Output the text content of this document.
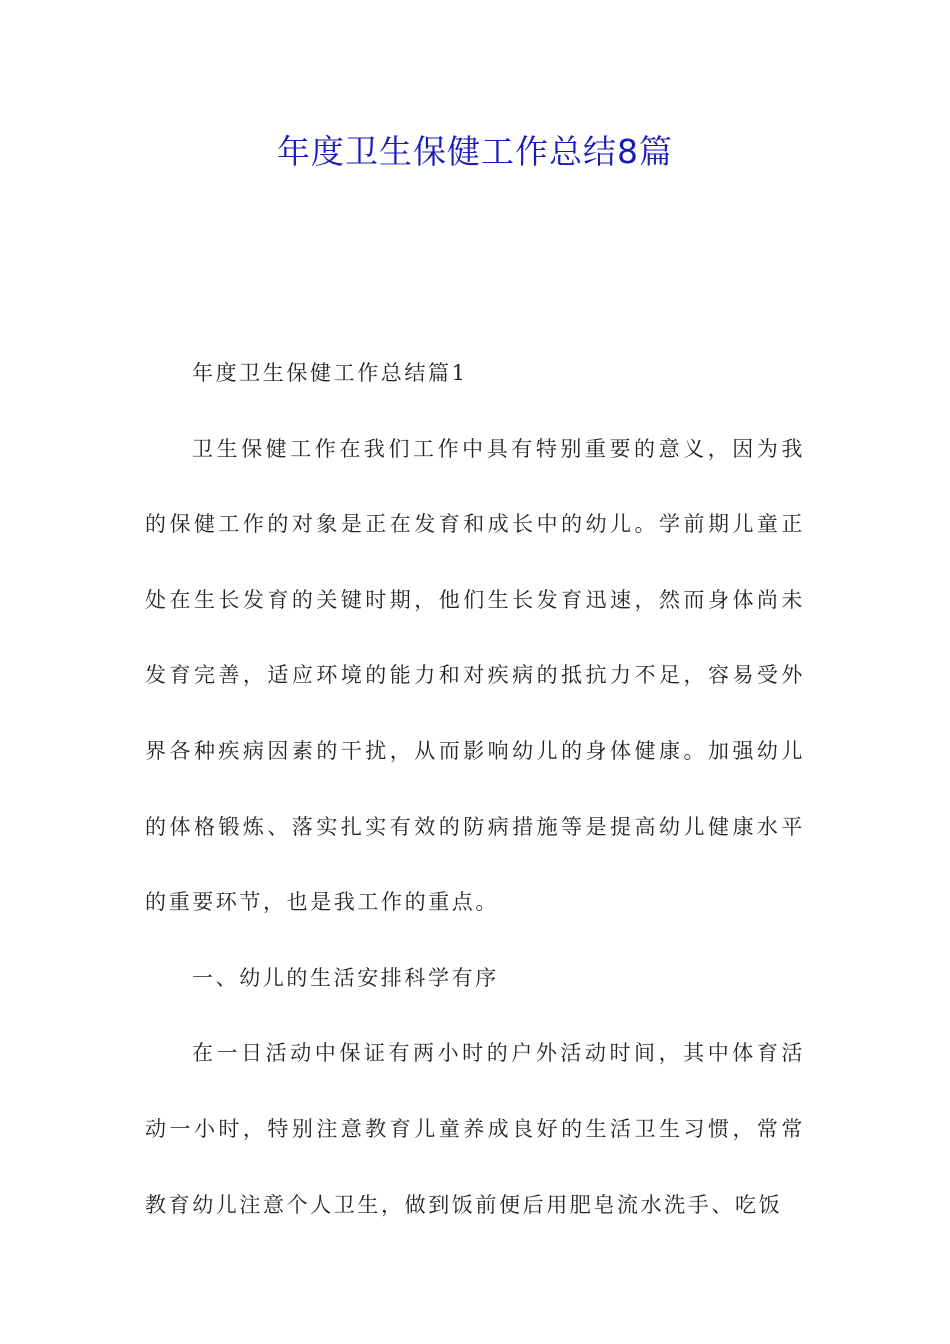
年度卫生保健工作总结8篇

年度卫生保健工作总结篇1

卫生保健工作在我们工作中具有特别重要的意义，因为我的保健工作的对象是正在发育和成长中的幼儿。学前期儿童正处在生长发育的关键时期，他们生长发育迅速，然而身体尚未发育完善，适应环境的能力和对疾病的抵抗力不足，容易受外界各种疾病因素的干扰，从而影响幼儿的身体健康。加强幼儿的体格锻炼、落实扎实有效的防病措施等是提高幼儿健康水平的重要环节，也是我工作的重点。

一、幼儿的生活安排科学有序

在一日活动中保证有两小时的户外活动时间，其中体育活动一小时，特别注意教育儿童养成良好的生活卫生习惯，常常教育幼儿注意个人卫生，做到饭前便后用肥皂流水洗手、吃饭
